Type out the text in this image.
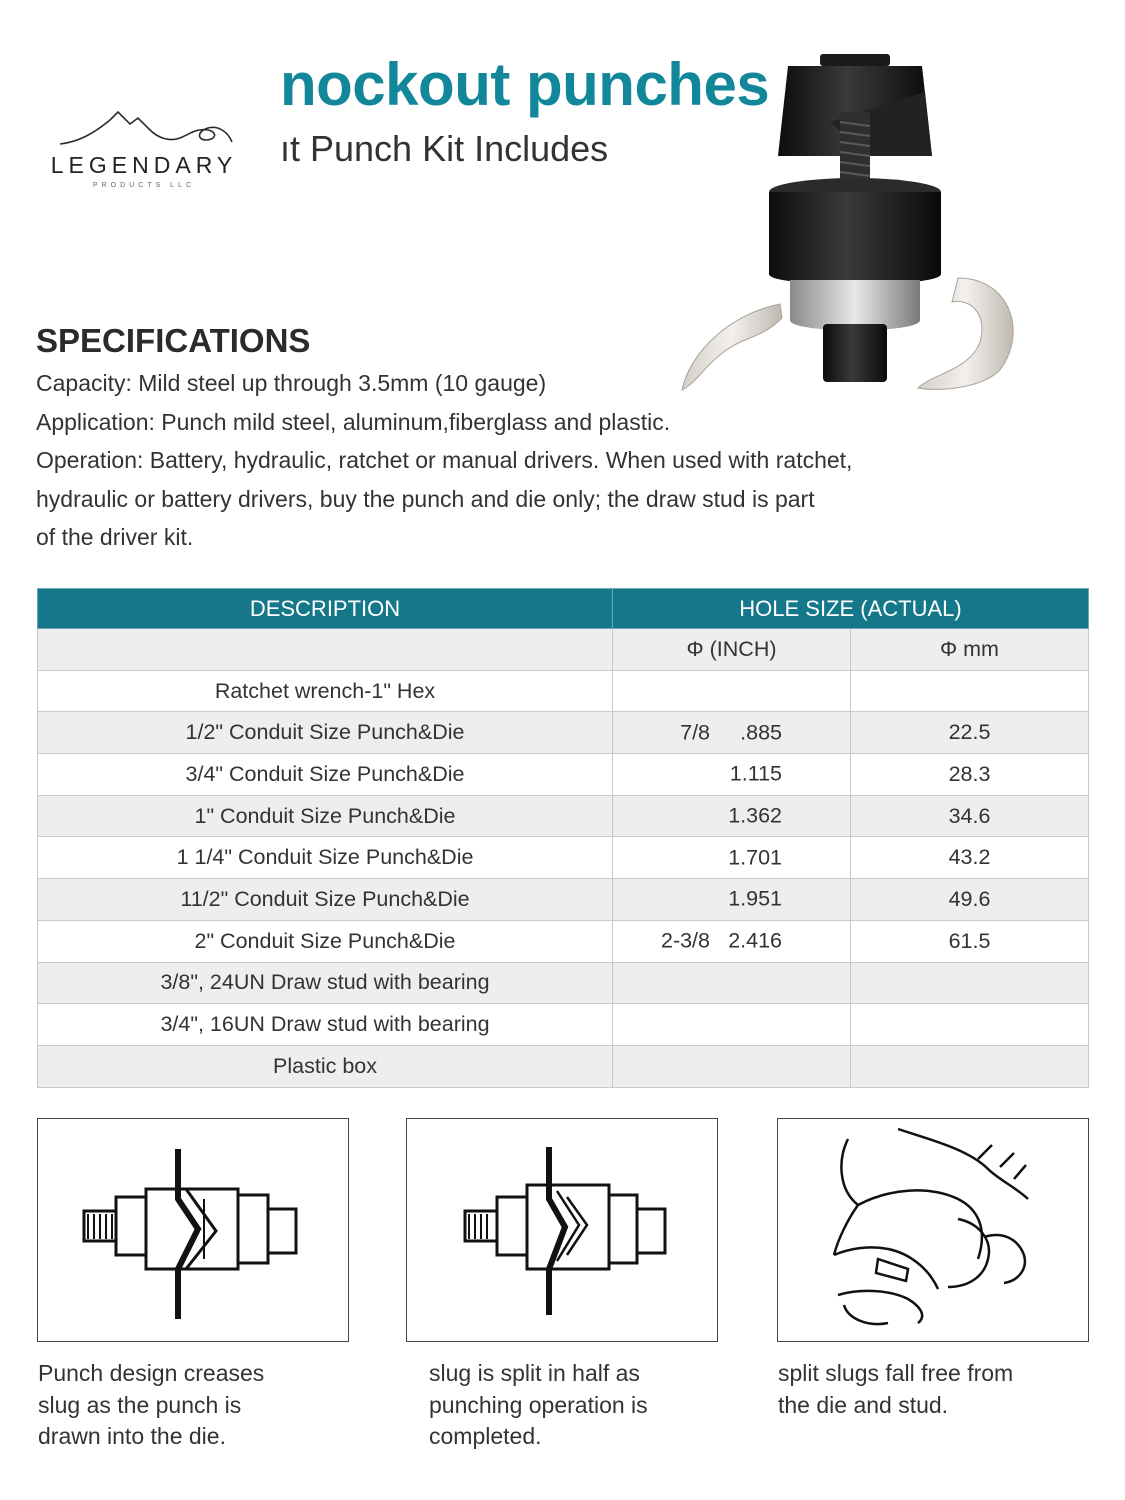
nockout punches
ıt Punch Kit Includes
LEGENDARY
PRODUCTS LLC
SPECIFICATIONS
Capacity: Mild steel up through 3.5mm (10 gauge)
Application: Punch mild steel, aluminum,fiberglass and plastic.
Operation: Battery, hydraulic, ratchet or manual drivers. When used with ratchet,
hydraulic or battery drivers, buy the punch and die only; the draw stud is part
of the driver kit.
DESCRIPTION	HOLE SIZE (ACTUAL)	
	Φ (INCH)	Φ mm
Ratchet wrench-1" Hex	

1/2" Conduit Size Punch&Die	7/8 .885	22.5
3/4" Conduit Size Punch&Die	1.115	28.3
1" Conduit Size Punch&Die	1.362	34.6
1 1/4" Conduit Size Punch&Die	1.701	43.2
11/2" Conduit Size Punch&Die	1.951	49.6
2" Conduit Size Punch&Die	2-3/8 2.416	61.5
3/8", 24UN Draw stud with bearing	

3/4", 16UN Draw stud with bearing	

Plastic box	

Punch design creases
slug as the punch is
drawn into the die.
slug is split in half as
punching operation is
completed.
split slugs fall free from
the die and stud.
